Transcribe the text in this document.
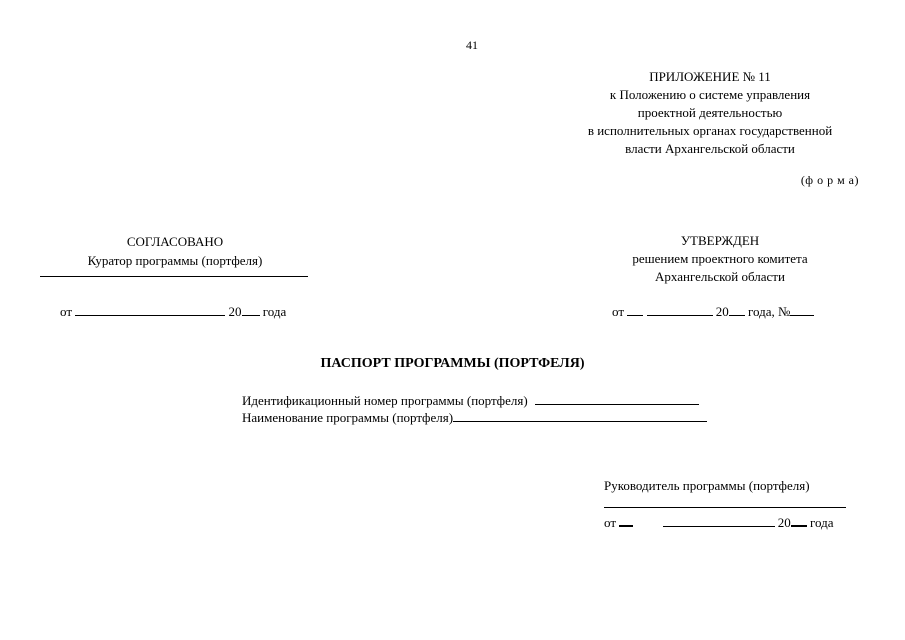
41
ПРИЛОЖЕНИЕ № 11
к Положению о системе управления
проектной деятельностью
в исполнительных органах государственной
власти Архангельской области
(ф о р м а)
СОГЛАСОВАНО
Куратор программы (портфеля)
от	20 года
УТВЕРЖДЕН
решением проектного комитета
Архангельской области
от	20 года, №
ПАСПОРТ ПРОГРАММЫ (ПОРТФЕЛЯ)
Идентификационный номер программы (портфеля)
Наименование программы (портфеля)
Руководитель программы (портфеля)
от	20 года
